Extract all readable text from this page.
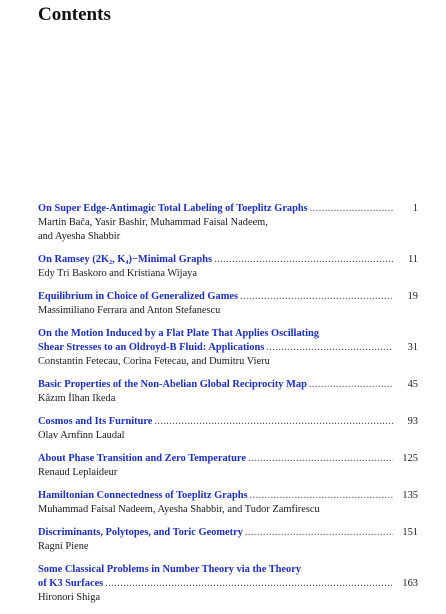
Contents
On Super Edge-Antimagic Total Labeling of Toeplitz Graphs .....	1
Martin Bača, Yasir Bashir, Muhammad Faisal Nadeem,
and Ayesha Shabbir
On Ramsey (2K₂, K₄)−Minimal Graphs .....	11
Edy Tri Baskoro and Kristiana Wijaya
Equilibrium in Choice of Generalized Games .....	19
Massimiliano Ferrara and Anton Stefanescu
On the Motion Induced by a Flat Plate That Applies Oscillating
Shear Stresses to an Oldroyd-B Fluid: Applications .....	31
Constantin Fetecau, Corina Fetecau, and Dumitru Vieru
Basic Properties of the Non-Abelian Global Reciprocity Map .....	45
Kâzım İlhan Ikeda
Cosmos and Its Furniture .....	93
Olav Arnfinn Laudal
About Phase Transition and Zero Temperature .....	125
Renaud Leplaideur
Hamiltonian Connectedness of Toeplitz Graphs .....	135
Muhammad Faisal Nadeem, Ayesha Shabbir, and Tudor Zamfirescu
Discriminants, Polytopes, and Toric Geometry .....	151
Ragni Piene
Some Classical Problems in Number Theory via the Theory
of K3 Surfaces .....	163
Hironori Shiga
